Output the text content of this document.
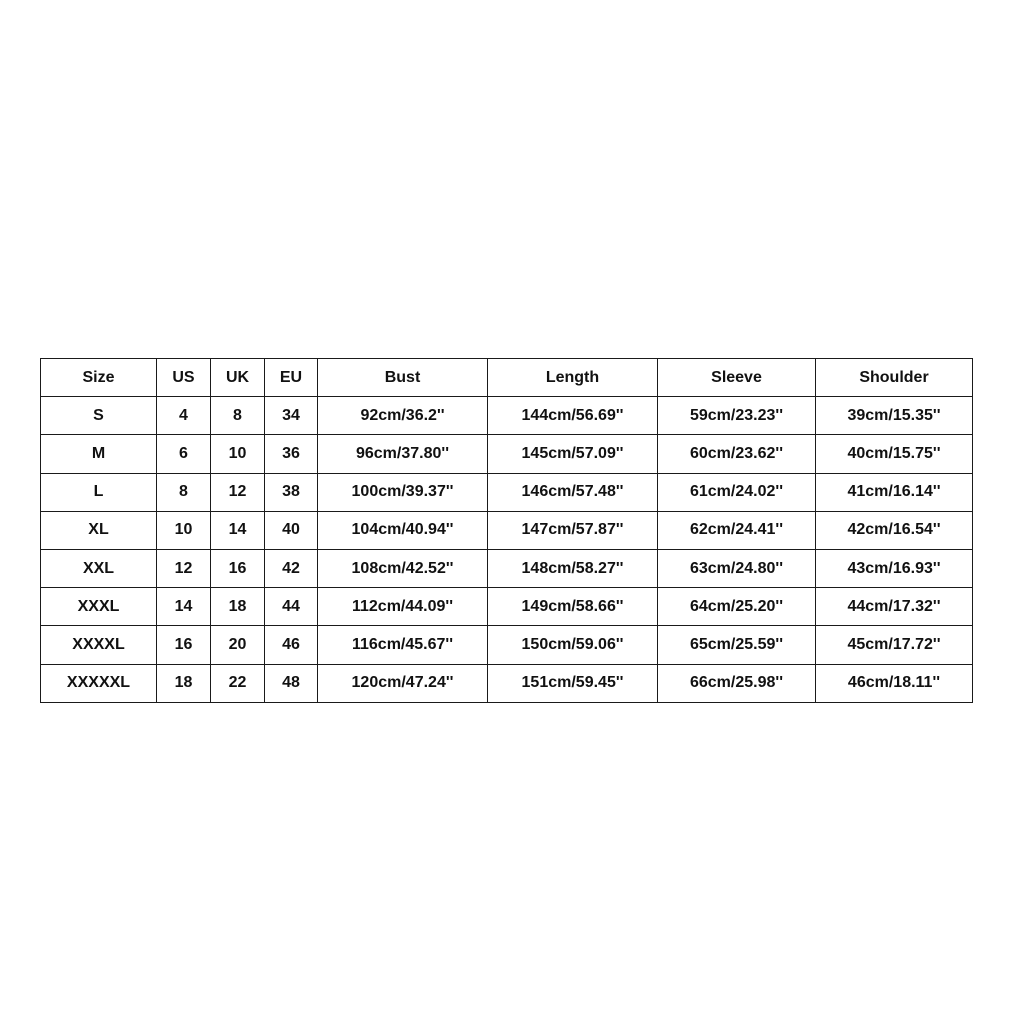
Size	US	UK	EU	Bust	Length	Sleeve	Shoulder
S	4	8	34	92cm/36.2''	144cm/56.69''	59cm/23.23''	39cm/15.35''
M	6	10	36	96cm/37.80''	145cm/57.09''	60cm/23.62''	40cm/15.75''
L	8	12	38	100cm/39.37''	146cm/57.48''	61cm/24.02''	41cm/16.14''
XL	10	14	40	104cm/40.94''	147cm/57.87''	62cm/24.41''	42cm/16.54''
XXL	12	16	42	108cm/42.52''	148cm/58.27''	63cm/24.80''	43cm/16.93''
XXXL	14	18	44	112cm/44.09''	149cm/58.66''	64cm/25.20''	44cm/17.32''
XXXXL	16	20	46	116cm/45.67''	150cm/59.06''	65cm/25.59''	45cm/17.72''
XXXXXL	18	22	48	120cm/47.24''	151cm/59.45''	66cm/25.98''	46cm/18.11''
